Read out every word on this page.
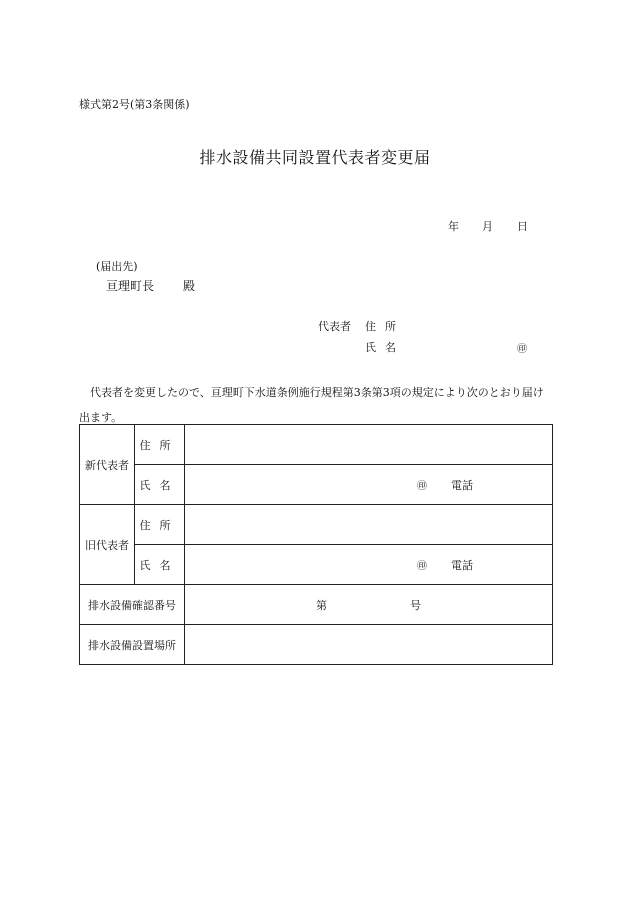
様式第2号(第3条関係)
排水設備共同設置代表者変更届
年 月 日
(届出先)
亘理町長 殿
代表者 住所
氏名	㊞
代表者を変更したので、亘理町下水道条例施行規程第3条第3項の規定により次のとおり届け出ます。
新代表者	住所	
	氏名	㊞ 電話

旧代表者	住所	
	氏名	㊞ 電話

排水設備確認番号		第 号

排水設備設置場所		
